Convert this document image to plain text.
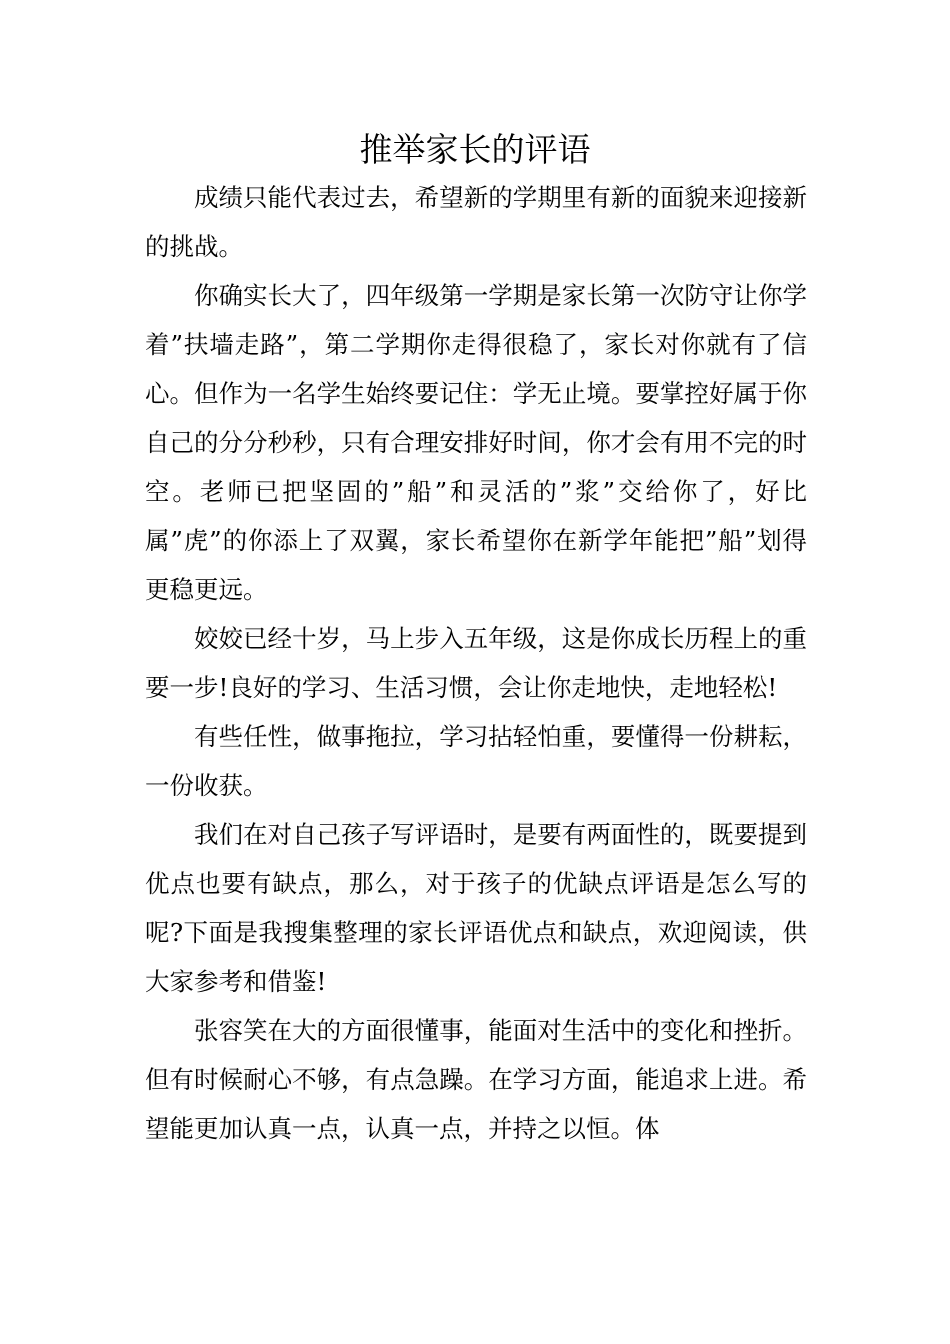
推举家长的评语

成绩只能代表过去，希望新的学期里有新的面貌来迎接新的挑战。

你确实长大了，四年级第一学期是家长第一次防守让你学着”扶墙走路”，第二学期你走得很稳了，家长对你就有了信心。但作为一名学生始终要记住：学无止境。要掌控好属于你自己的分分秒秒，只有合理安排好时间，你才会有用不完的时空。老师已把坚固的”船”和灵活的”浆”交给你了，好比属”虎”的你添上了双翼，家长希望你在新学年能把”船”划得更稳更远。

姣姣已经十岁，马上步入五年级，这是你成长历程上的重要一步!良好的学习、生活习惯，会让你走地快，走地轻松!

有些任性，做事拖拉，学习拈轻怕重，要懂得一份耕耘，一份收获。

我们在对自己孩子写评语时，是要有两面性的，既要提到优点也要有缺点，那么，对于孩子的优缺点评语是怎么写的呢?下面是我搜集整理的家长评语优点和缺点，欢迎阅读，供大家参考和借鉴!

张容笑在大的方面很懂事，能面对生活中的变化和挫折。但有时候耐心不够，有点急躁。在学习方面，能追求上进。希望能更加认真一点，认真一点，并持之以恒。体
